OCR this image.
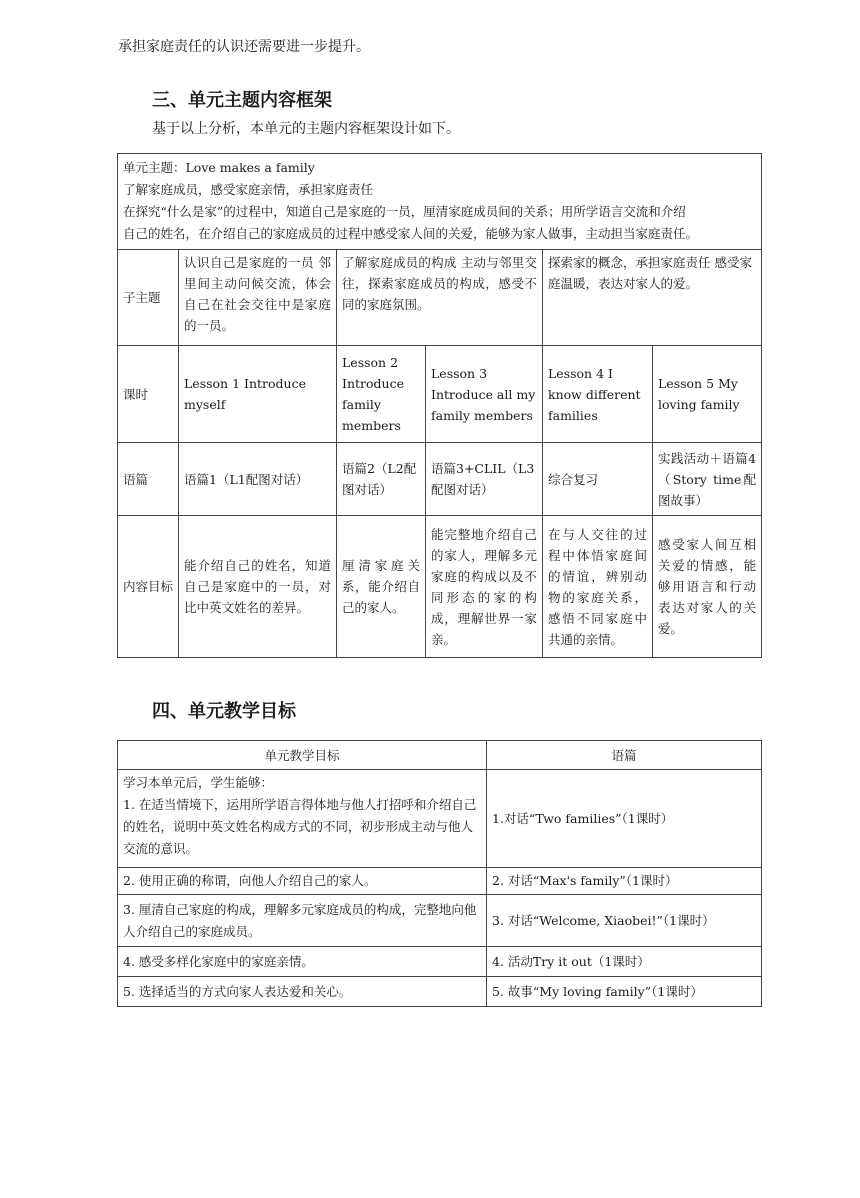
承担家庭责任的认识还需要进一步提升。
三、单元主题内容框架
基于以上分析，本单元的主题内容框架设计如下。
单元主题：Love makes a family
了解家庭成员，感受家庭亲情，承担家庭责任
在探究“什么是家”的过程中，知道自己是家庭的一员，厘清家庭成员间的关系；用所学语言交流和介绍
自己的姓名，在介绍自己的家庭成员的过程中感受家人间的关爱，能够为家人做事，主动担当家庭责任。					

子主题	认识自己是家庭的一员 邻里间主动问候交流，体会自己在社会交往中是家庭的一员。	了解家庭成员的构成 主动与邻里交往，探索家庭成员的构成，感受不同的家庭氛围。		探索家的概念，承担家庭责任 感受家庭温暖，表达对家人的爱。	
课时	Lesson 1 Introduce myself	Lesson 2 Introduce family members	Lesson 3 Introduce all my family members	Lesson 4 I know different families	Lesson 5 My loving family
语篇	语篇1（L1配图对话）	语篇2（L2配图对话）	语篇3+CLIL（L3配图对话）	综合复习	实践活动＋语篇4（Story time配图故事）
内容目标	能介绍自己的姓名，知道自己是家庭中的一员，对比中英文姓名的差异。	厘清家庭关系，能介绍自己的家人。	能完整地介绍自己的家人，理解多元家庭的构成以及不同形态的家的构成，理解世界一家亲。	在与人交往的过程中体悟家庭间的情谊，辨别动物的家庭关系，感悟不同家庭中共通的亲情。	感受家人间互相关爱的情感，能够用语言和行动表达对家人的关爱。
四、单元教学目标
单元教学目标	语篇

学习本单元后，学生能够：
1. 在适当情境下，运用所学语言得体地与他人打招呼和介绍自己的姓名，说明中英文姓名构成方式的不同，初步形成主动与他人交流的意识。	1.对话“Two families”（1课时）
2. 使用正确的称谓，向他人介绍自己的家人。	2. 对话“Max's family”（1课时）
3. 厘清自己家庭的构成，理解多元家庭成员的构成，完整地向他人介绍自己的家庭成员。	3. 对话“Welcome, Xiaobei!”（1课时）
4. 感受多样化家庭中的家庭亲情。	4. 活动Try it out（1课时）
5. 选择适当的方式向家人表达爱和关心。	5. 故事“My loving family”（1课时）
